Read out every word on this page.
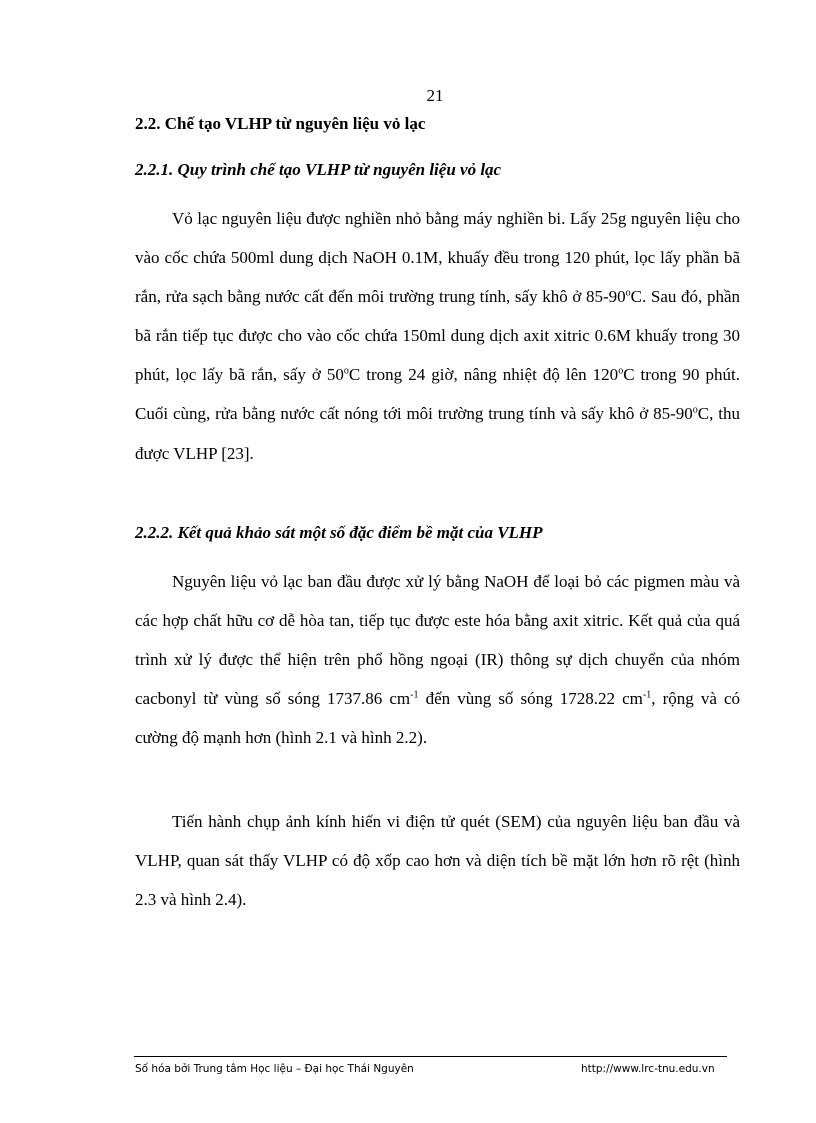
21
2.2. Chế tạo VLHP từ nguyên liệu vỏ lạc
2.2.1. Quy trình chế tạo VLHP từ nguyên liệu vỏ lạc

Vỏ lạc nguyên liệu được nghiền nhỏ bằng máy nghiền bi. Lấy 25g nguyên liệu cho vào cốc chứa 500ml dung dịch NaOH 0.1M, khuấy đều trong 120 phút, lọc lấy phần bã rắn, rửa sạch bằng nước cất đến môi trường trung tính, sấy khô ở 85-90$^o$C. Sau đó, phần bã rắn tiếp tục được cho vào cốc chứa 150ml dung dịch axit xitric 0.6M khuấy trong 30 phút, lọc lấy bã rắn, sấy ở 50$^o$C trong 24 giờ, nâng nhiệt độ lên 120$^o$C trong 90 phút. Cuối cùng, rửa bằng nước cất nóng tới môi trường trung tính và sấy khô ở 85-90$^o$C, thu được VLHP [23].

2.2.2. Kết quả khảo sát một số đặc điểm bề mặt của VLHP

Nguyên liệu vỏ lạc ban đầu được xử lý bằng NaOH để loại bỏ các pigmen màu và các hợp chất hữu cơ dễ hòa tan, tiếp tục được este hóa bằng axit xitric. Kết quả của quá trình xử lý được thể hiện trên phổ hồng ngoại (IR) thông sự dịch chuyển của nhóm cacbonyl từ vùng số sóng 1737.86 $cm^{-1}$ đến vùng số sóng 1728.22 $cm^{-1}$, rộng và có cường độ mạnh hơn (hình 2.1 và hình 2.2).

Tiến hành chụp ảnh kính hiển vi điện tử quét (SEM) của nguyên liệu ban đầu và VLHP, quan sát thấy VLHP có độ xốp cao hơn và diện tích bề mặt lớn hơn rõ rệt (hình 2.3 và hình 2.4).

Số hóa bởi Trung tâm Học liệu – Đại học Thái Nguyên	http://www.lrc-tnu.edu.vn
